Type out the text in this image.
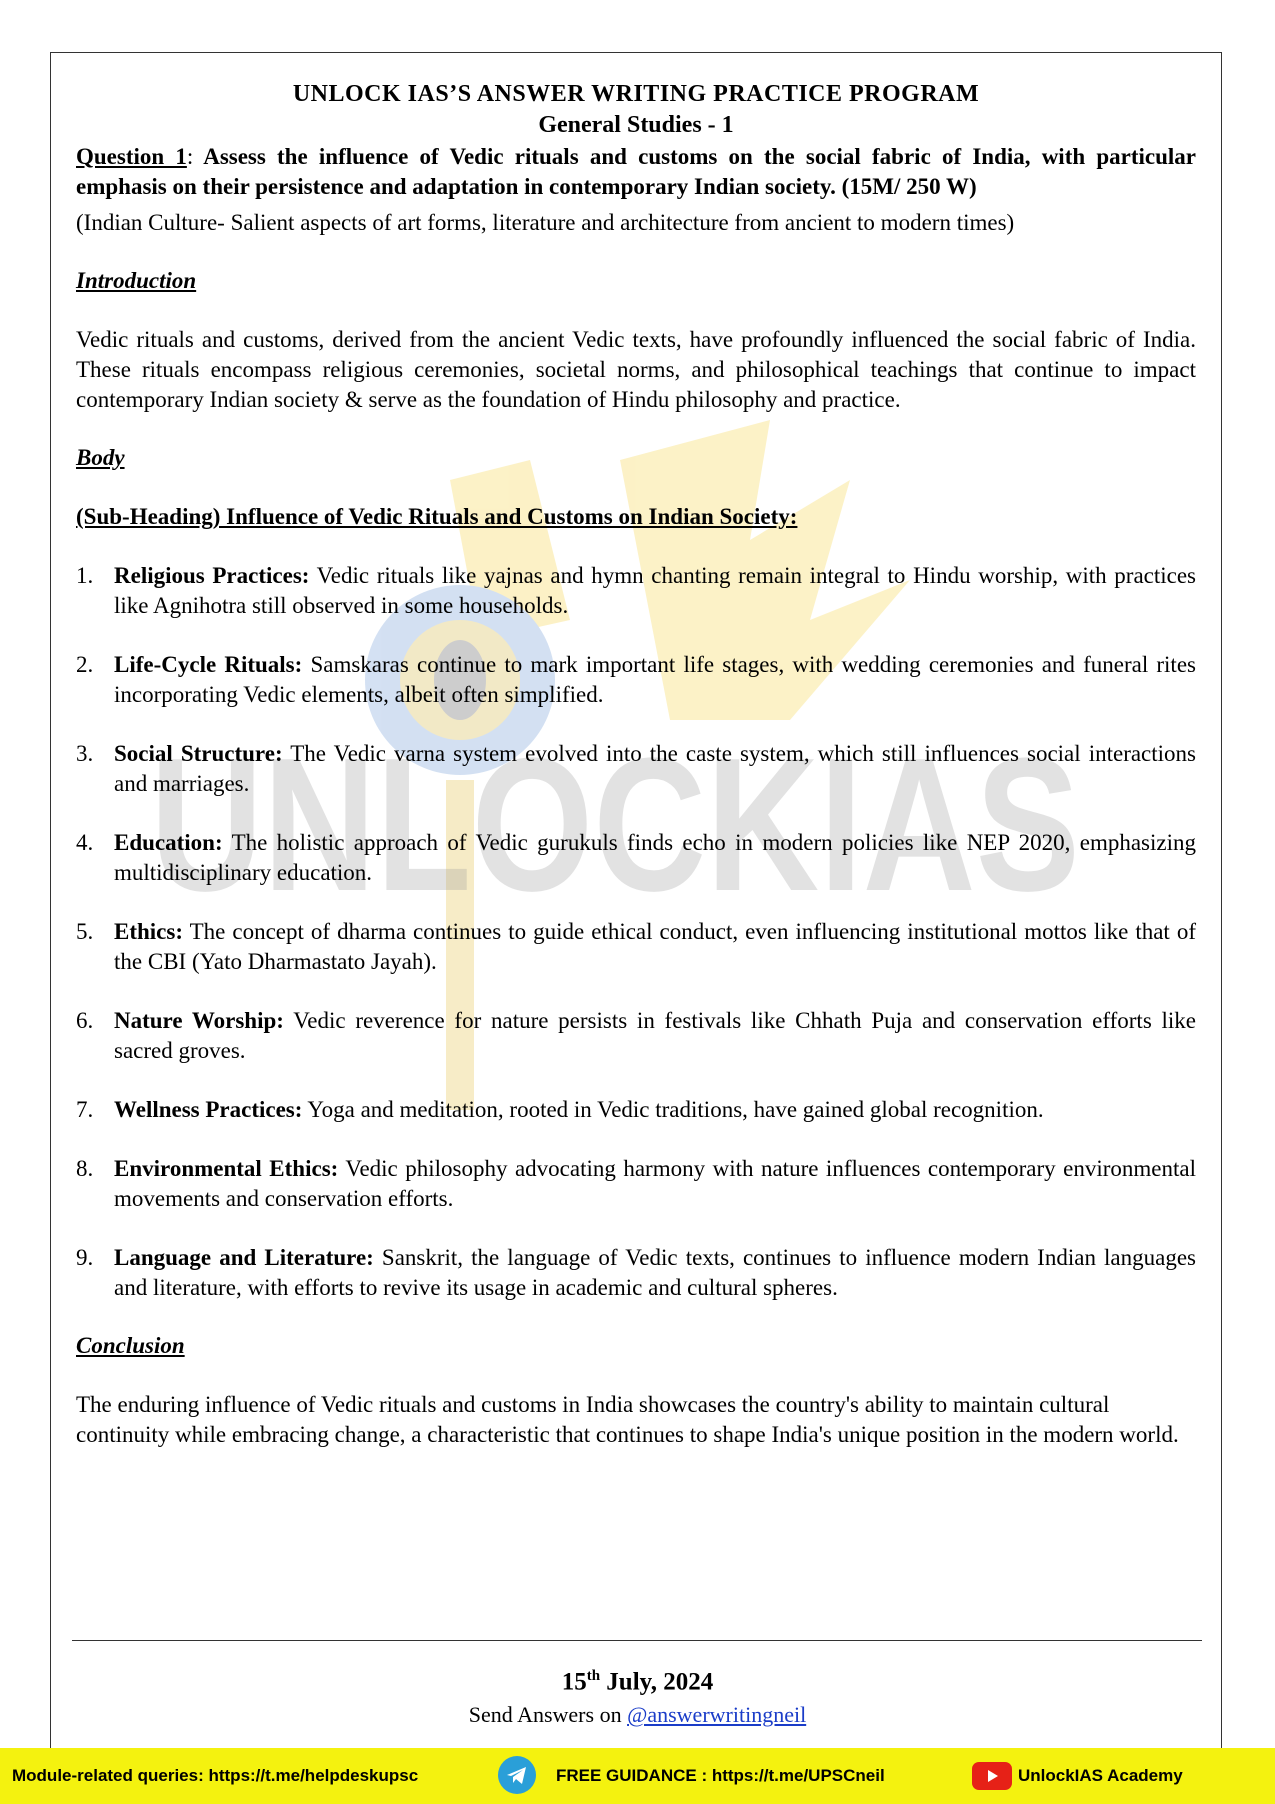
UNLOCKIAS
UNLOCK IAS’S ANSWER WRITING PRACTICE PROGRAM
General Studies - 1
Question 1: Assess the influence of Vedic rituals and customs on the social fabric of India, with particular emphasis on their persistence and adaptation in contemporary Indian society. (15M/ 250 W)
(Indian Culture- Salient aspects of art forms, literature and architecture from ancient to modern times)
Introduction
Vedic rituals and customs, derived from the ancient Vedic texts, have profoundly influenced the social fabric of India. These rituals encompass religious ceremonies, societal norms, and philosophical teachings that continue to impact contemporary Indian society & serve as the foundation of Hindu philosophy and practice.
Body
(Sub-Heading) Influence of Vedic Rituals and Customs on Indian Society:
1. Religious Practices: Vedic rituals like yajnas and hymn chanting remain integral to Hindu worship, with practices like Agnihotra still observed in some households.
2. Life-Cycle Rituals: Samskaras continue to mark important life stages, with wedding ceremonies and funeral rites incorporating Vedic elements, albeit often simplified.
3. Social Structure: The Vedic varna system evolved into the caste system, which still influences social interactions and marriages.
4. Education: The holistic approach of Vedic gurukuls finds echo in modern policies like NEP 2020, emphasizing multidisciplinary education.
5. Ethics: The concept of dharma continues to guide ethical conduct, even influencing institutional mottos like that of the CBI (Yato Dharmastato Jayah).
6. Nature Worship: Vedic reverence for nature persists in festivals like Chhath Puja and conservation efforts like sacred groves.
7. Wellness Practices: Yoga and meditation, rooted in Vedic traditions, have gained global recognition.
8. Environmental Ethics: Vedic philosophy advocating harmony with nature influences contemporary environmental movements and conservation efforts.
9. Language and Literature: Sanskrit, the language of Vedic texts, continues to influence modern Indian languages and literature, with efforts to revive its usage in academic and cultural spheres.
Conclusion
The enduring influence of Vedic rituals and customs in India showcases the country's ability to maintain cultural continuity while embracing change, a characteristic that continues to shape India's unique position in the modern world.
15th July, 2024
Send Answers on @answerwritingneil
Module-related queries: https://t.me/helpdeskupsc	FREE GUIDANCE : https://t.me/UPSCneil	UnlockIAS Academy
